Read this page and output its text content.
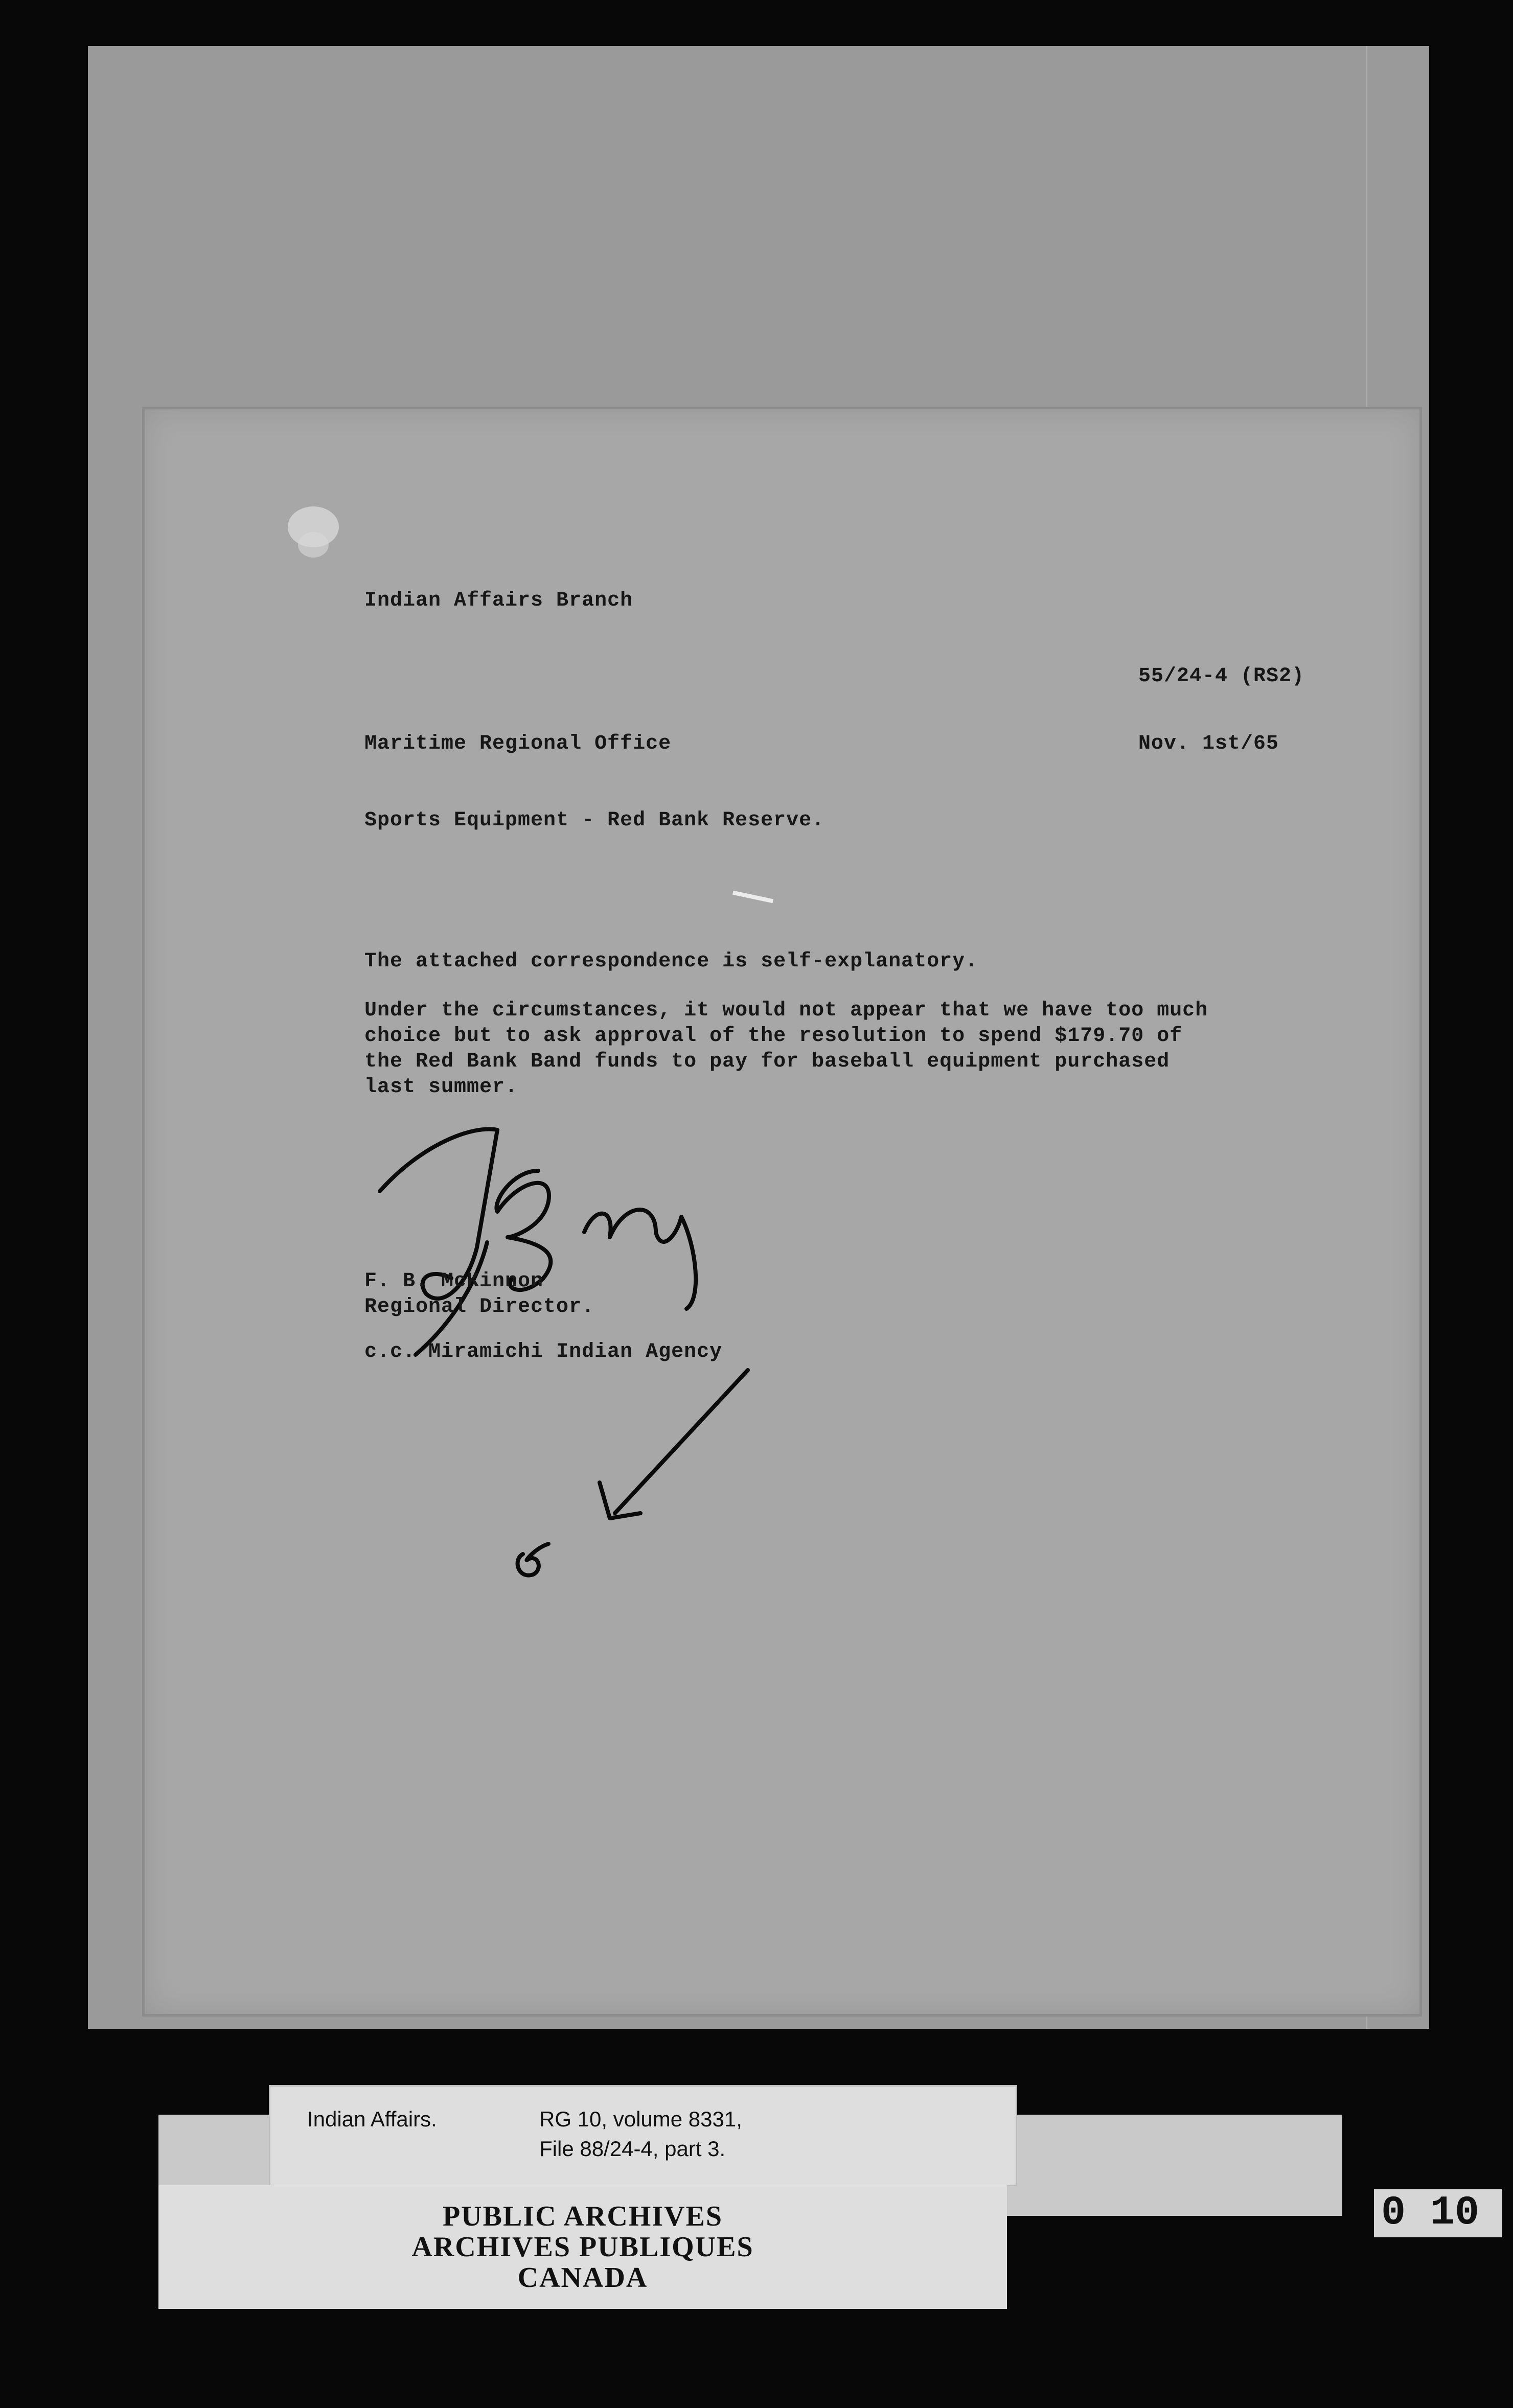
Indian Affairs Branch

55/24-4 (RS2)

Maritime Regional Office	Nov. 1st/65

Sports Equipment - Red Bank Reserve.

The attached correspondence is self-explanatory.

Under the circumstances, it would not appear that we have too much
choice but to ask approval of the resolution to spend $179.70 of
the Red Bank Band funds to pay for baseball equipment purchased
last summer.

F. B. McKinnon

Regional Director.

c.c. Miramichi Indian Agency

Indian Affairs.	RG 10, volume 8331,

File 88/24-4, part 3.

PUBLIC ARCHIVES

ARCHIVES PUBLIQUES

CANADA

0 10
